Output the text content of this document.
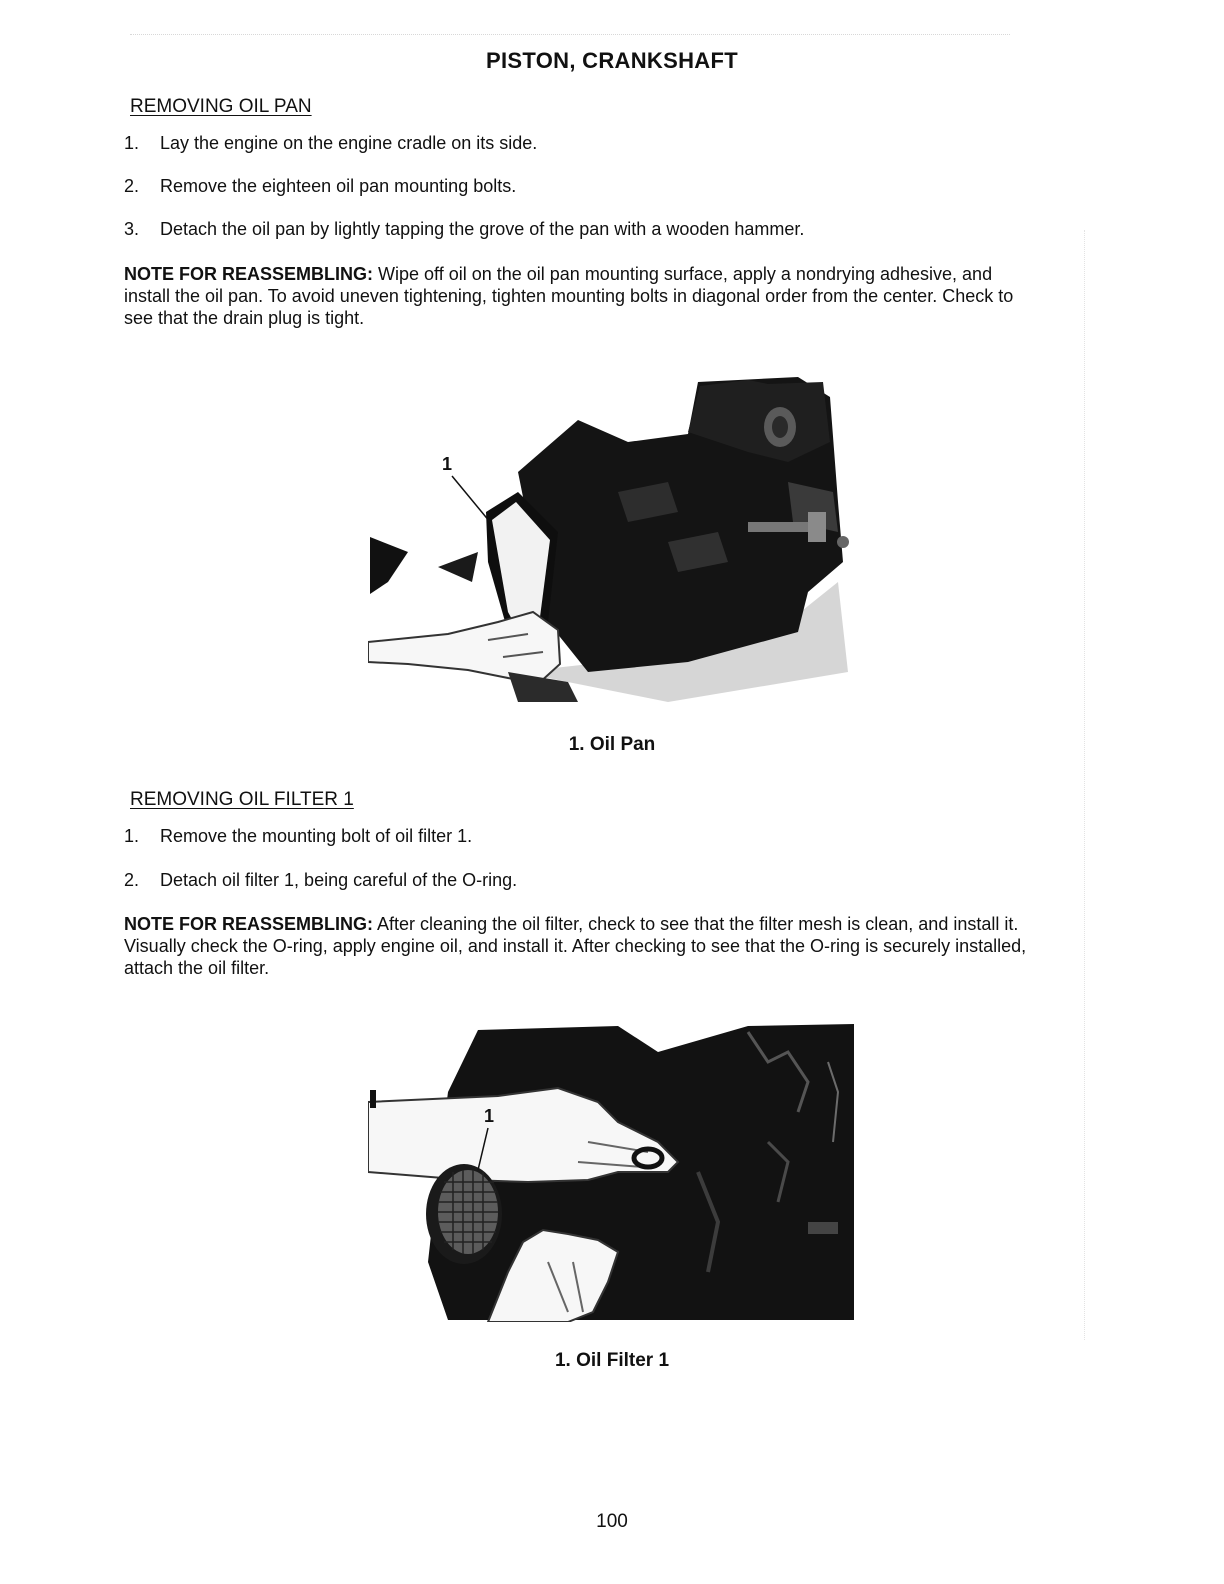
PISTON, CRANKSHAFT
REMOVING OIL PAN
1.	Lay the engine on the engine cradle on its side.
2.	Remove the eighteen oil pan mounting bolts.
3.	Detach the oil pan by lightly tapping the grove of the pan with a wooden hammer.
NOTE FOR REASSEMBLING: Wipe off oil on the oil pan mounting surface, apply a nondrying adhesive, and install the oil pan. To avoid uneven tightening, tighten mounting bolts in diagonal order from the center. Check to see that the drain plug is tight.
1
1. Oil Pan
REMOVING OIL FILTER 1
1.	Remove the mounting bolt of oil filter 1.
2.	Detach oil filter 1, being careful of the O-ring.
NOTE FOR REASSEMBLING: After cleaning the oil filter, check to see that the filter mesh is clean, and install it. Visually check the O-ring, apply engine oil, and install it. After checking to see that the O-ring is securely installed, attach the oil filter.
1
1. Oil Filter 1
100
